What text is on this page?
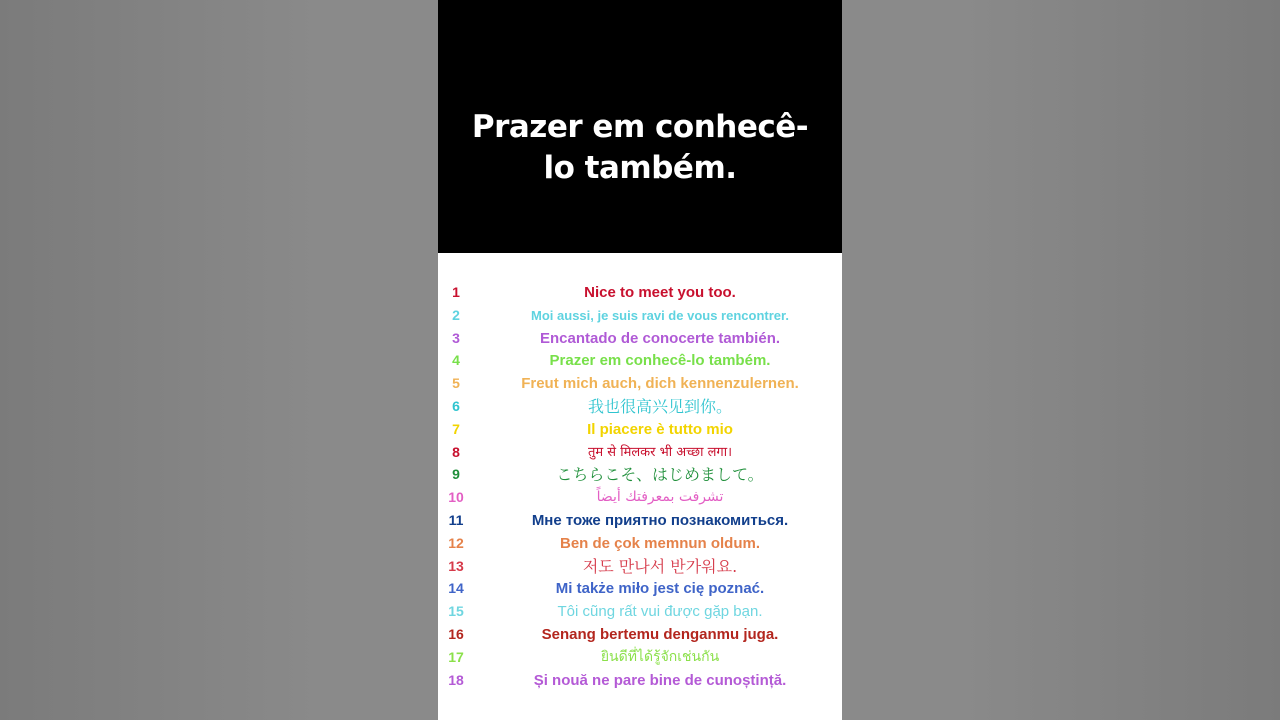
Prazer em conhecê-lo também.
1	Nice to meet you too.
2	Moi aussi, je suis ravi de vous rencontrer.
3	Encantado de conocerte también.
4	Prazer em conhecê-lo também.
5	Freut mich auch, dich kennenzulernen.
6	我也很高兴见到你。
7	Il piacere è tutto mio
8	तुम से मिलकर भी अच्छा लगा।
9	こちらこそ、はじめまして。
10	تشرفت بمعرفتك أيضاً
11	Мне тоже приятно познакомиться.
12	Ben de çok memnun oldum.
13	저도 만나서 반가워요.
14	Mi także miło jest cię poznać.
15	Tôi cũng rất vui được gặp bạn.
16	Senang bertemu denganmu juga.
17	ยินดีที่ได้รู้จักเช่นกัน
18	Și nouă ne pare bine de cunoștință.
